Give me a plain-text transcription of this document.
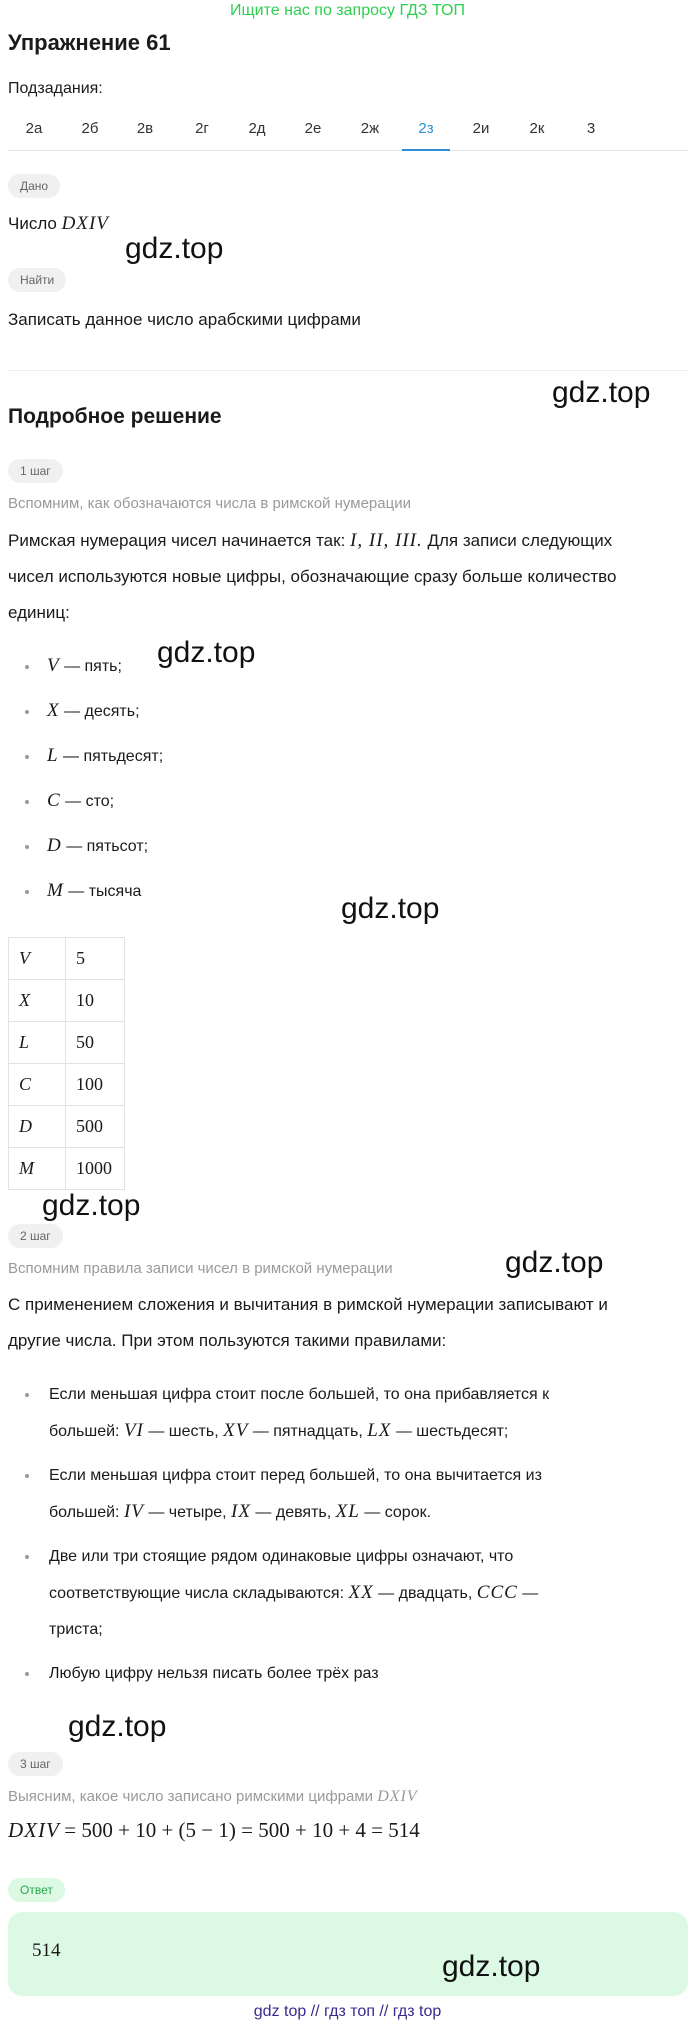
Ищите нас по запросу ГДЗ ТОП
Упражнение 61
Подзадания:
2а	2б	2в	2г	2д	2е	2ж	2з	2и	2к	3
Дано
Число DXIV
gdz.top
Найти
Записать данное число арабскими цифрами
gdz.top
Подробное решение
1 шаг
Вспомним, как обозначаются числа в римской нумерации
Римская нумерация чисел начинается так: I, II, III. Для записи следующих
чисел используются новые цифры, обозначающие сразу больше количество
единиц:
V — пять; gdz.top
X — десять;
L — пятьдесят;
C — сто;
D — пятьсот;
M — тысяча
gdz.top
V	5
X	10
L	50
C	100
D	500
M	1000
gdz.top
2 шаг
Вспомним правила записи чисел в римской нумерации	gdz.top
С применением сложения и вычитания в римской нумерации записывают и
другие числа. При этом пользуются такими правилами:
Если меньшая цифра стоит после большей, то она прибавляется к
большей: VI — шесть, XV — пятнадцать, LX — шестьдесят;
Если меньшая цифра стоит перед большей, то она вычитается из
большей: IV — четыре, IX — девять, XL — сорок.
Две или три стоящие рядом одинаковые цифры означают, что
соответствующие числа складываются: XX — двадцать, CCC —
триста;
Любую цифру нельзя писать более трёх раз
gdz.top
3 шаг
Выясним, какое число записано римскими цифрами DXIV
DXIV = 500 + 10 + (5 − 1) = 500 + 10 + 4 = 514
Ответ
514	gdz.top
gdz top // гдз топ // гдз top
